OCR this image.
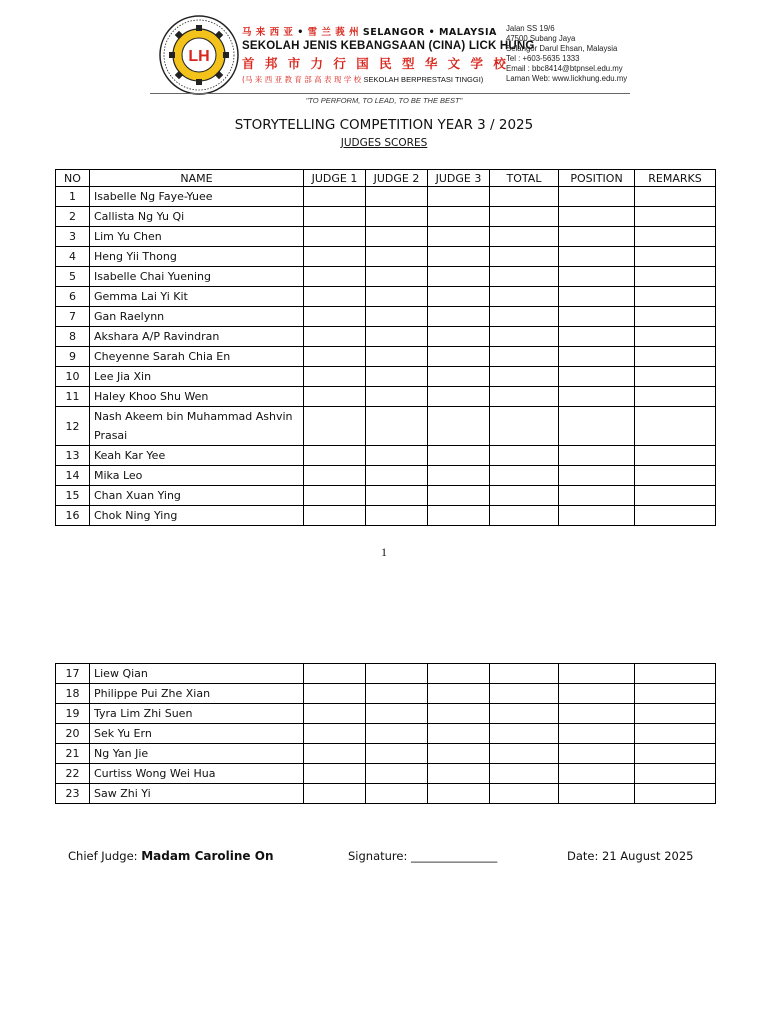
LH
马 来 西 亚 • 雪 兰 莪 州 SELANGOR • MALAYSIA
SEKOLAH JENIS KEBANGSAAN (CINA) LICK HUNG
首 邦 市 力 行 国 民 型 华 文 学 校
(马 来 西 亚 教 育 部 高 表 现 学 校 SEKOLAH BERPRESTASI TINGGI)
Jalan SS 19/6
47500 Subang Jaya
Selangor Darul Ehsan, Malaysia
Tel : +603-5635 1333
Email : bbc8414@btpnsel.edu.my
Laman Web: www.lickhung.edu.my
"TO PERFORM, TO LEAD, TO BE THE BEST"
STORYTELLING COMPETITION YEAR 3 / 2025
JUDGES SCORES
NO	NAME	JUDGE 1	JUDGE 2	JUDGE 3	TOTAL	POSITION	REMARKS
1	Isabelle Ng Faye-Yuee						
2	Callista Ng Yu Qi						
3	Lim Yu Chen						
4	Heng Yii Thong						
5	Isabelle Chai Yuening						
6	Gemma Lai Yi Kit						
7	Gan Raelynn						
8	Akshara A/P Ravindran						
9	Cheyenne Sarah Chia En						
10	Lee Jia Xin						
11	Haley Khoo Shu Wen						
12	Nash Akeem bin Muhammad Ashvin Prasai						
13	Keah Kar Yee						
14	Mika Leo						
15	Chan Xuan Ying						
16	Chok Ning Ying						
1
17	Liew Qian						
18	Philippe Pui Zhe Xian						
19	Tyra Lim Zhi Suen						
20	Sek Yu Ern						
21	Ng Yan Jie						
22	Curtiss Wong Wei Hua						
23	Saw Zhi Yi						
Chief Judge: Madam Caroline On	Signature: _______________	Date: 21 August 2025
